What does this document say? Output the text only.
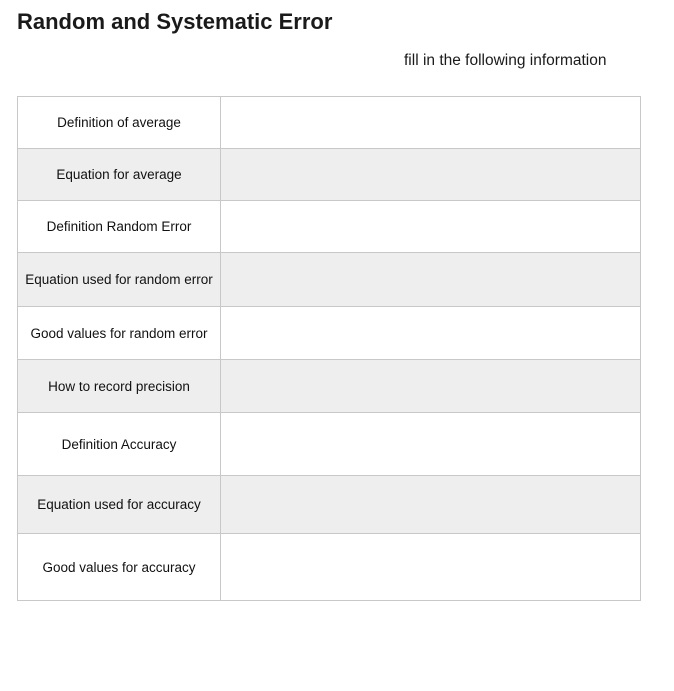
Random and Systematic Error
fill in the following information
Definition of average	
Equation for average	
Definition Random Error	
Equation used for random error	
Good values for random error	
How to record precision	
Definition Accuracy	
Equation used for accuracy	
Good values for accuracy	
